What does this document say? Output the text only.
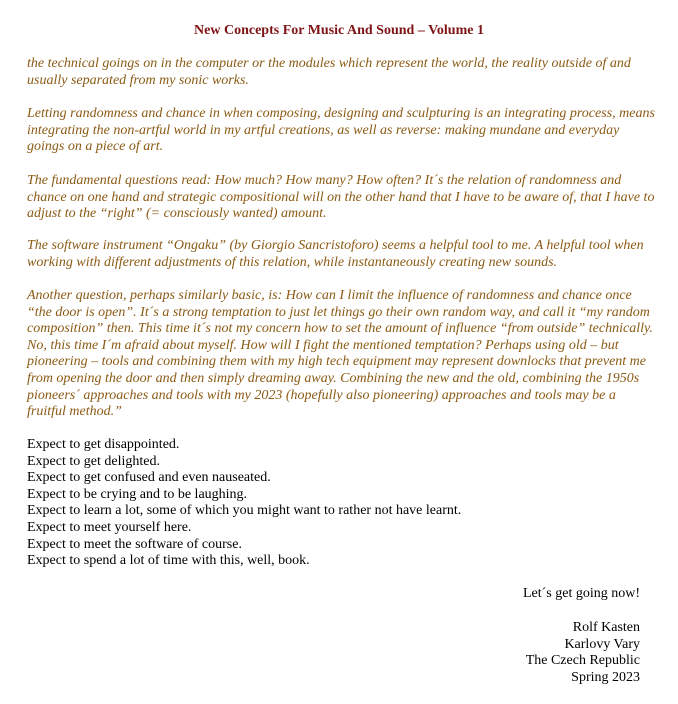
New Concepts For Music And Sound – Volume 1

the technical goings on in the computer or the modules which represent the world, the reality outside of and usually separated from my sonic works.

Letting randomness and chance in when composing, designing and sculpturing is an integrating process, means integrating the non-artful world in my artful creations, as well as reverse: making mundane and everyday goings on a piece of art.

The fundamental questions read: How much? How many? How often? It´s the relation of randomness and chance on one hand and strategic compositional will on the other hand that I have to be aware of, that I have to adjust to the “right” (= consciously wanted) amount.

The software instrument “Ongaku” (by Giorgio Sancristoforo) seems a helpful tool to me. A helpful tool when working with different adjustments of this relation, while instantaneously creating new sounds.

Another question, perhaps similarly basic, is: How can I limit the influence of randomness and chance once “the door is open”. It´s a strong temptation to just let things go their own random way, and call it “my random composition” then. This time it´s not my concern how to set the amount of influence “from outside” technically. No, this time I´m afraid about myself. How will I fight the mentioned temptation? Perhaps using old – but pioneering – tools and combining them with my high tech equipment may represent downlocks that prevent me from opening the door and then simply dreaming away. Combining the new and the old, combining the 1950s pioneers´ approaches and tools with my 2023 (hopefully also pioneering) approaches and tools may be a fruitful method.”

Expect to get disappointed.
Expect to get delighted.
Expect to get confused and even nauseated.
Expect to be crying and to be laughing.
Expect to learn a lot, some of which you might want to rather not have learnt.
Expect to meet yourself here.
Expect to meet the software of course.
Expect to spend a lot of time with this, well, book.
Let´s get going now!
Rolf Kasten
Karlovy Vary
The Czech Republic
Spring 2023
